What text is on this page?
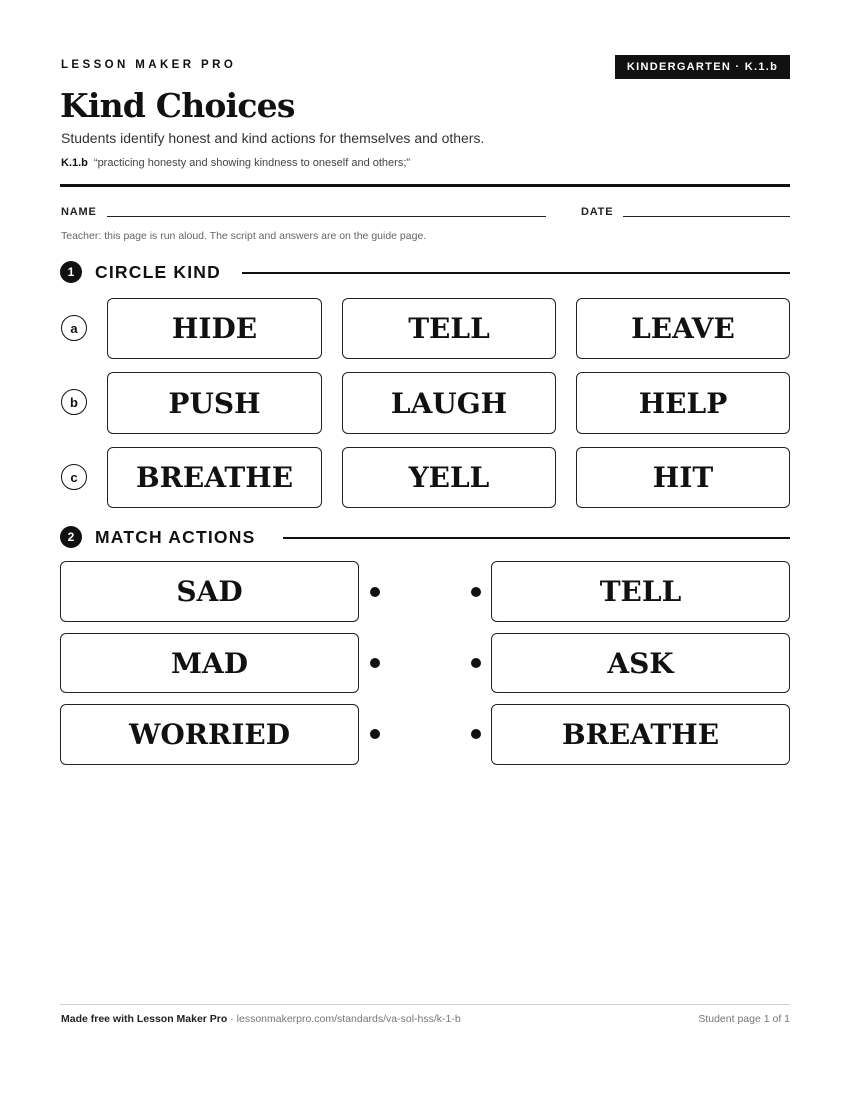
LESSON MAKER PRO	KINDERGARTEN · K.1.b
Kind Choices
Students identify honest and kind actions for themselves and others.
K.1.b “practicing honesty and showing kindness to oneself and others;”
NAME	DATE
Teacher: this page is run aloud. The script and answers are on the guide page.
1	CIRCLE KIND
a	HIDE	TELL	LEAVE
b	PUSH	LAUGH	HELP
c	BREATHE	YELL	HIT
2	MATCH ACTIONS
SAD	TELL
MAD	ASK
WORRIED	BREATHE
Made free with Lesson Maker Pro · lessonmakerpro.com/standards/va-sol-hss/k-1-b	Student page 1 of 1
